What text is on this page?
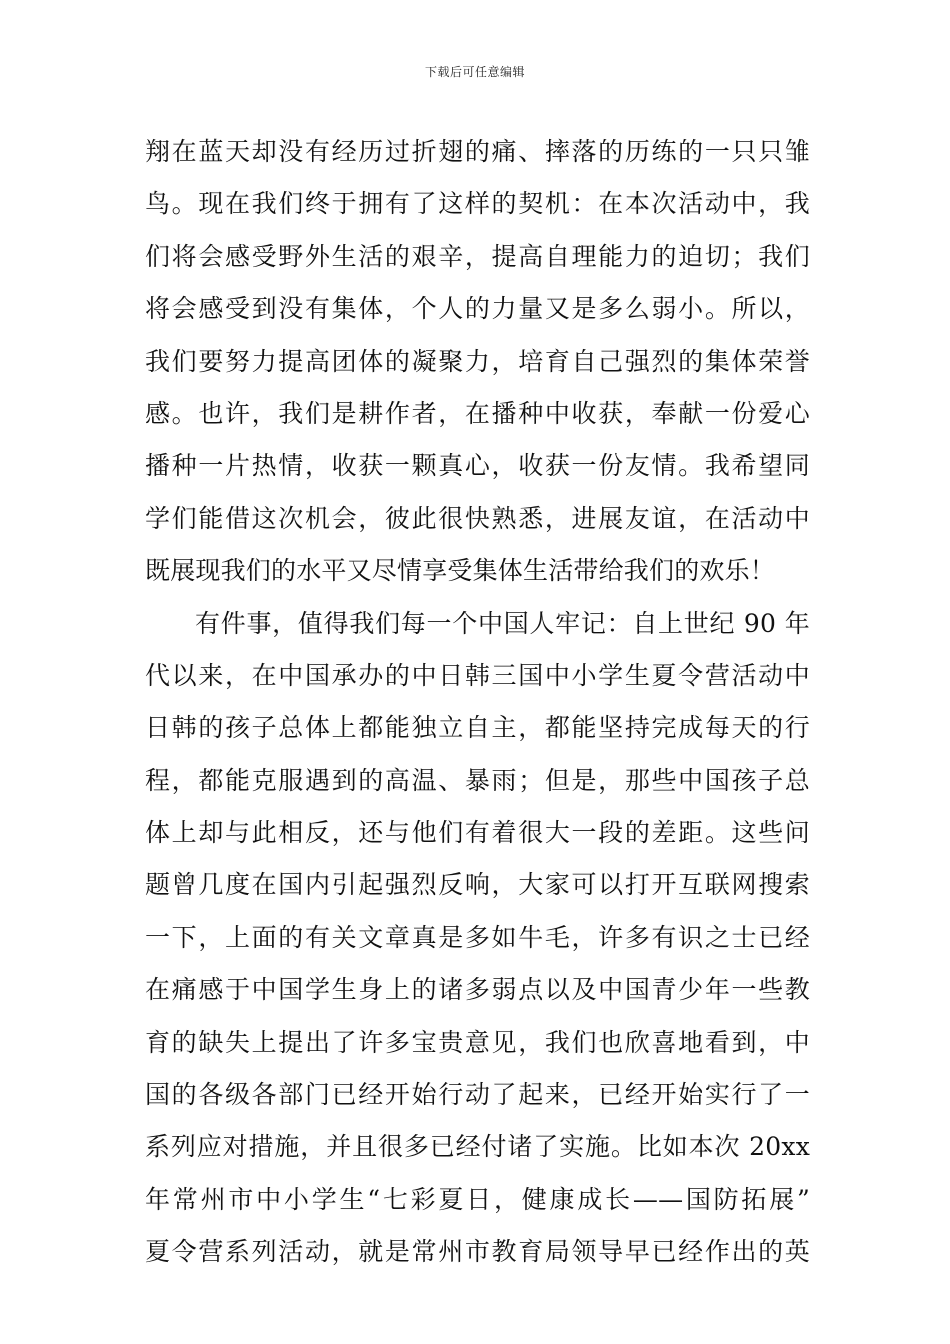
下载后可任意编辑
翔在蓝天却没有经历过折翅的痛、摔落的历练的一只只雏
鸟。现在我们终于拥有了这样的契机：在本次活动中，我
们将会感受野外生活的艰辛，提高自理能力的迫切；我们
将会感受到没有集体，个人的力量又是多么弱小。所以，
我们要努力提高团体的凝聚力，培育自己强烈的集体荣誉
感。也许，我们是耕作者，在播种中收获，奉献一份爱心
播种一片热情，收获一颗真心，收获一份友情。我希望同
学们能借这次机会，彼此很快熟悉，进展友谊，在活动中
既展现我们的水平又尽情享受集体生活带给我们的欢乐！
有件事，值得我们每一个中国人牢记：自上世纪 90 年
代以来，在中国承办的中日韩三国中小学生夏令营活动中
日韩的孩子总体上都能独立自主，都能坚持完成每天的行
程，都能克服遇到的高温、暴雨；但是，那些中国孩子总
体上却与此相反，还与他们有着很大一段的差距。这些问
题曾几度在国内引起强烈反响，大家可以打开互联网搜索
一下，上面的有关文章真是多如牛毛，许多有识之士已经
在痛感于中国学生身上的诸多弱点以及中国青少年一些教
育的缺失上提出了许多宝贵意见，我们也欣喜地看到，中
国的各级各部门已经开始行动了起来，已经开始实行了一
系列应对措施，并且很多已经付诸了实施。比如本次 20xx
年常州市中小学生“七彩夏日，健康成长——国防拓展”
夏令营系列活动，就是常州市教育局领导早已经作出的英
